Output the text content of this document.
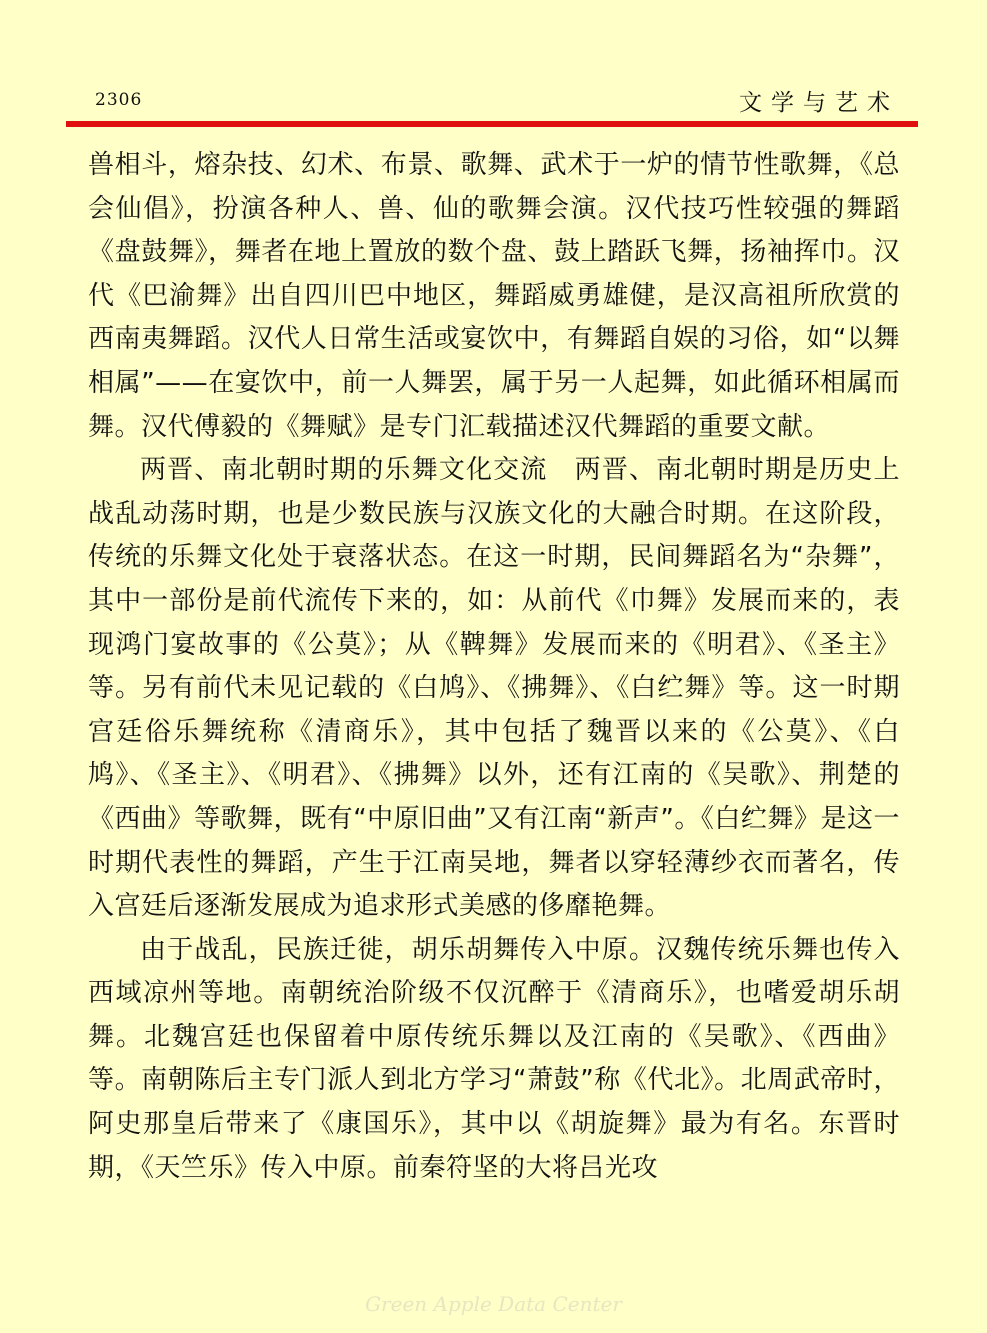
2306	文学与艺术

兽相斗，熔杂技、幻术、布景、歌舞、武术于一炉的情节性歌舞，《总会仙倡》，扮演各种人、兽、仙的歌舞会演。汉代技巧性较强的舞蹈《盘鼓舞》，舞者在地上置放的数个盘、鼓上踏跃飞舞，扬袖挥巾。汉代《巴渝舞》出自四川巴中地区，舞蹈威勇雄健，是汉高祖所欣赏的西南夷舞蹈。汉代人日常生活或宴饮中，有舞蹈自娱的习俗，如“以舞相属”——在宴饮中，前一人舞罢，属于另一人起舞，如此循环相属而舞。汉代傅毅的《舞赋》是专门汇载描述汉代舞蹈的重要文献。

两晋、南北朝时期的乐舞文化交流　两晋、南北朝时期是历史上战乱动荡时期，也是少数民族与汉族文化的大融合时期。在这阶段，传统的乐舞文化处于衰落状态。在这一时期，民间舞蹈名为“杂舞”，其中一部份是前代流传下来的，如：从前代《巾舞》发展而来的，表现鸿门宴故事的《公莫》；从《鞞舞》发展而来的《明君》、《圣主》等。另有前代未见记载的《白鸠》、《拂舞》、《白纻舞》等。这一时期宫廷俗乐舞统称《清商乐》，其中包括了魏晋以来的《公莫》、《白鸠》、《圣主》、《明君》、《拂舞》以外，还有江南的《吴歌》、荆楚的《西曲》等歌舞，既有“中原旧曲”又有江南“新声”。《白纻舞》是这一时期代表性的舞蹈，产生于江南吴地，舞者以穿轻薄纱衣而著名，传入宫廷后逐渐发展成为追求形式美感的侈靡艳舞。

由于战乱，民族迁徙，胡乐胡舞传入中原。汉魏传统乐舞也传入西域凉州等地。南朝统治阶级不仅沉醉于《清商乐》，也嗜爱胡乐胡舞。北魏宫廷也保留着中原传统乐舞以及江南的《吴歌》、《西曲》等。南朝陈后主专门派人到北方学习“萧鼓”称《代北》。北周武帝时，阿史那皇后带来了《康国乐》，其中以《胡旋舞》最为有名。东晋时期，《天竺乐》传入中原。前秦符坚的大将吕光攻

Green Apple Data Center
